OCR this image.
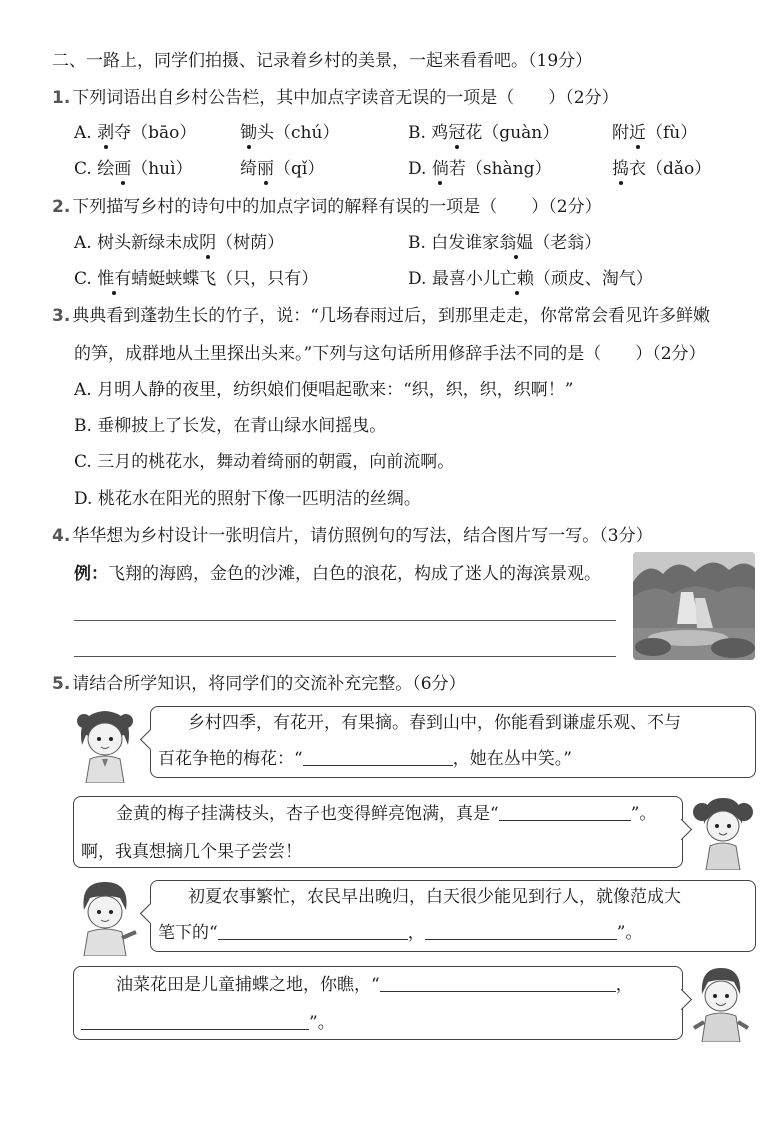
二、一路上，同学们拍摄、记录着乡村的美景，一起来看看吧。（19分）
1. 下列词语出自乡村公告栏，其中加点字读音无误的一项是（　　）（2分）
A. 剥夺（bāo）	锄头（chú）	B. 鸡冠花（guàn）	附近（fù）
C. 绘画（huì）	绮丽（qǐ）	D. 倘若（shàng）	捣衣（dǎo）
2. 下列描写乡村的诗句中的加点字词的解释有误的一项是（　　）（2分）
A. 树头新绿未成阴（树荫）	B. 白发谁家翁媪（老翁）
C. 惟有蜻蜓蛱蝶飞（只，只有）	D. 最喜小儿亡赖（顽皮、淘气）
3. 典典看到蓬勃生长的竹子，说：“几场春雨过后，到那里走走，你常常会看见许多鲜嫩
的笋，成群地从土里探出头来。”下列与这句话所用修辞手法不同的是（　　）（2分）
A. 月明人静的夜里，纺织娘们便唱起歌来：“织，织，织，织啊！”
B. 垂柳披上了长发，在青山绿水间摇曳。
C. 三月的桃花水，舞动着绮丽的朝霞，向前流啊。
D. 桃花水在阳光的照射下像一匹明洁的丝绸。
4. 华华想为乡村设计一张明信片，请仿照例句的写法，结合图片写一写。（3分）
例：飞翔的海鸥，金色的沙滩，白色的浪花，构成了迷人的海滨景观。
5. 请结合所学知识，将同学们的交流补充完整。（6分）
乡村四季，有花开，有果摘。春到山中，你能看到谦虚乐观、不与
百花争艳的梅花：“	，她在丛中笑。”
金黄的梅子挂满枝头，杏子也变得鲜亮饱满，真是“	”。
啊，我真想摘几个果子尝尝！
初夏农事繁忙，农民早出晚归，白天很少能见到行人，就像范成大
笔下的“	，	”。
油菜花田是儿童捕蝶之地，你瞧，“	，
”。
